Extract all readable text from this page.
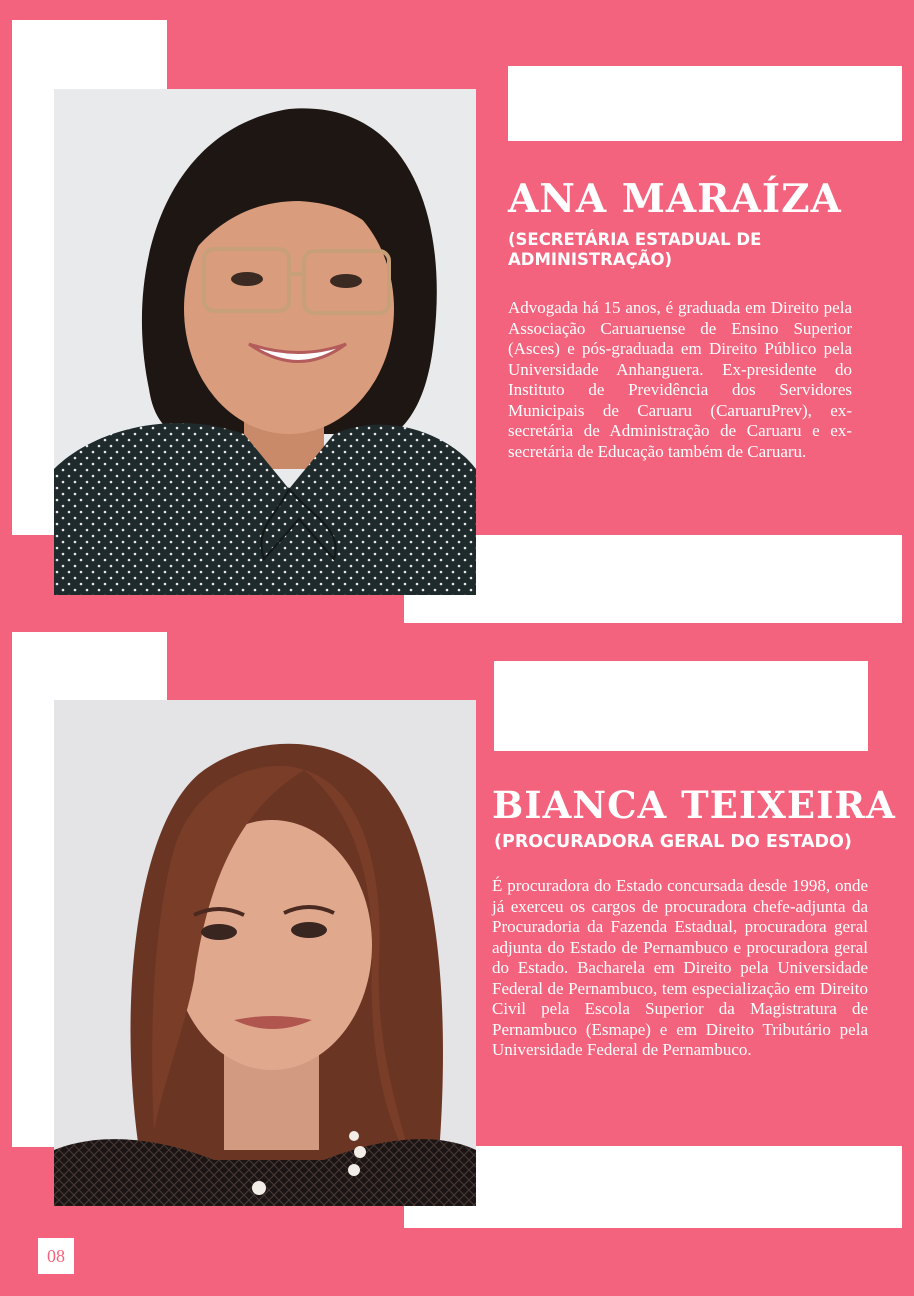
ANA MARAÍZA

(SECRETÁRIA ESTADUAL DE ADMINISTRAÇÃO)

Advogada há 15 anos, é graduada em Direito pela Associação Caruaruense de Ensino Superior (Asces) e pós-graduada em Direito Público pela Universidade Anhanguera. Ex-presidente do Instituto de Previdência dos Servidores Municipais de Caruaru (CaruaruPrev), ex-secretária de Administração de Caruaru e ex-secretária de Educação também de Caruaru.

BIANCA TEIXEIRA

(PROCURADORA GERAL DO ESTADO)

É procuradora do Estado concursada desde 1998, onde já exerceu os cargos de procuradora chefe-adjunta da Procuradoria da Fazenda Estadual, procuradora geral adjunta do Estado de Pernambuco e procuradora geral do Estado. Bacharela em Direito pela Universidade Federal de Pernambuco, tem especialização em Direito Civil pela Escola Superior da Magistratura de Pernambuco (Esmape) e em Direito Tributário pela Universidade Federal de Pernambuco.

08
